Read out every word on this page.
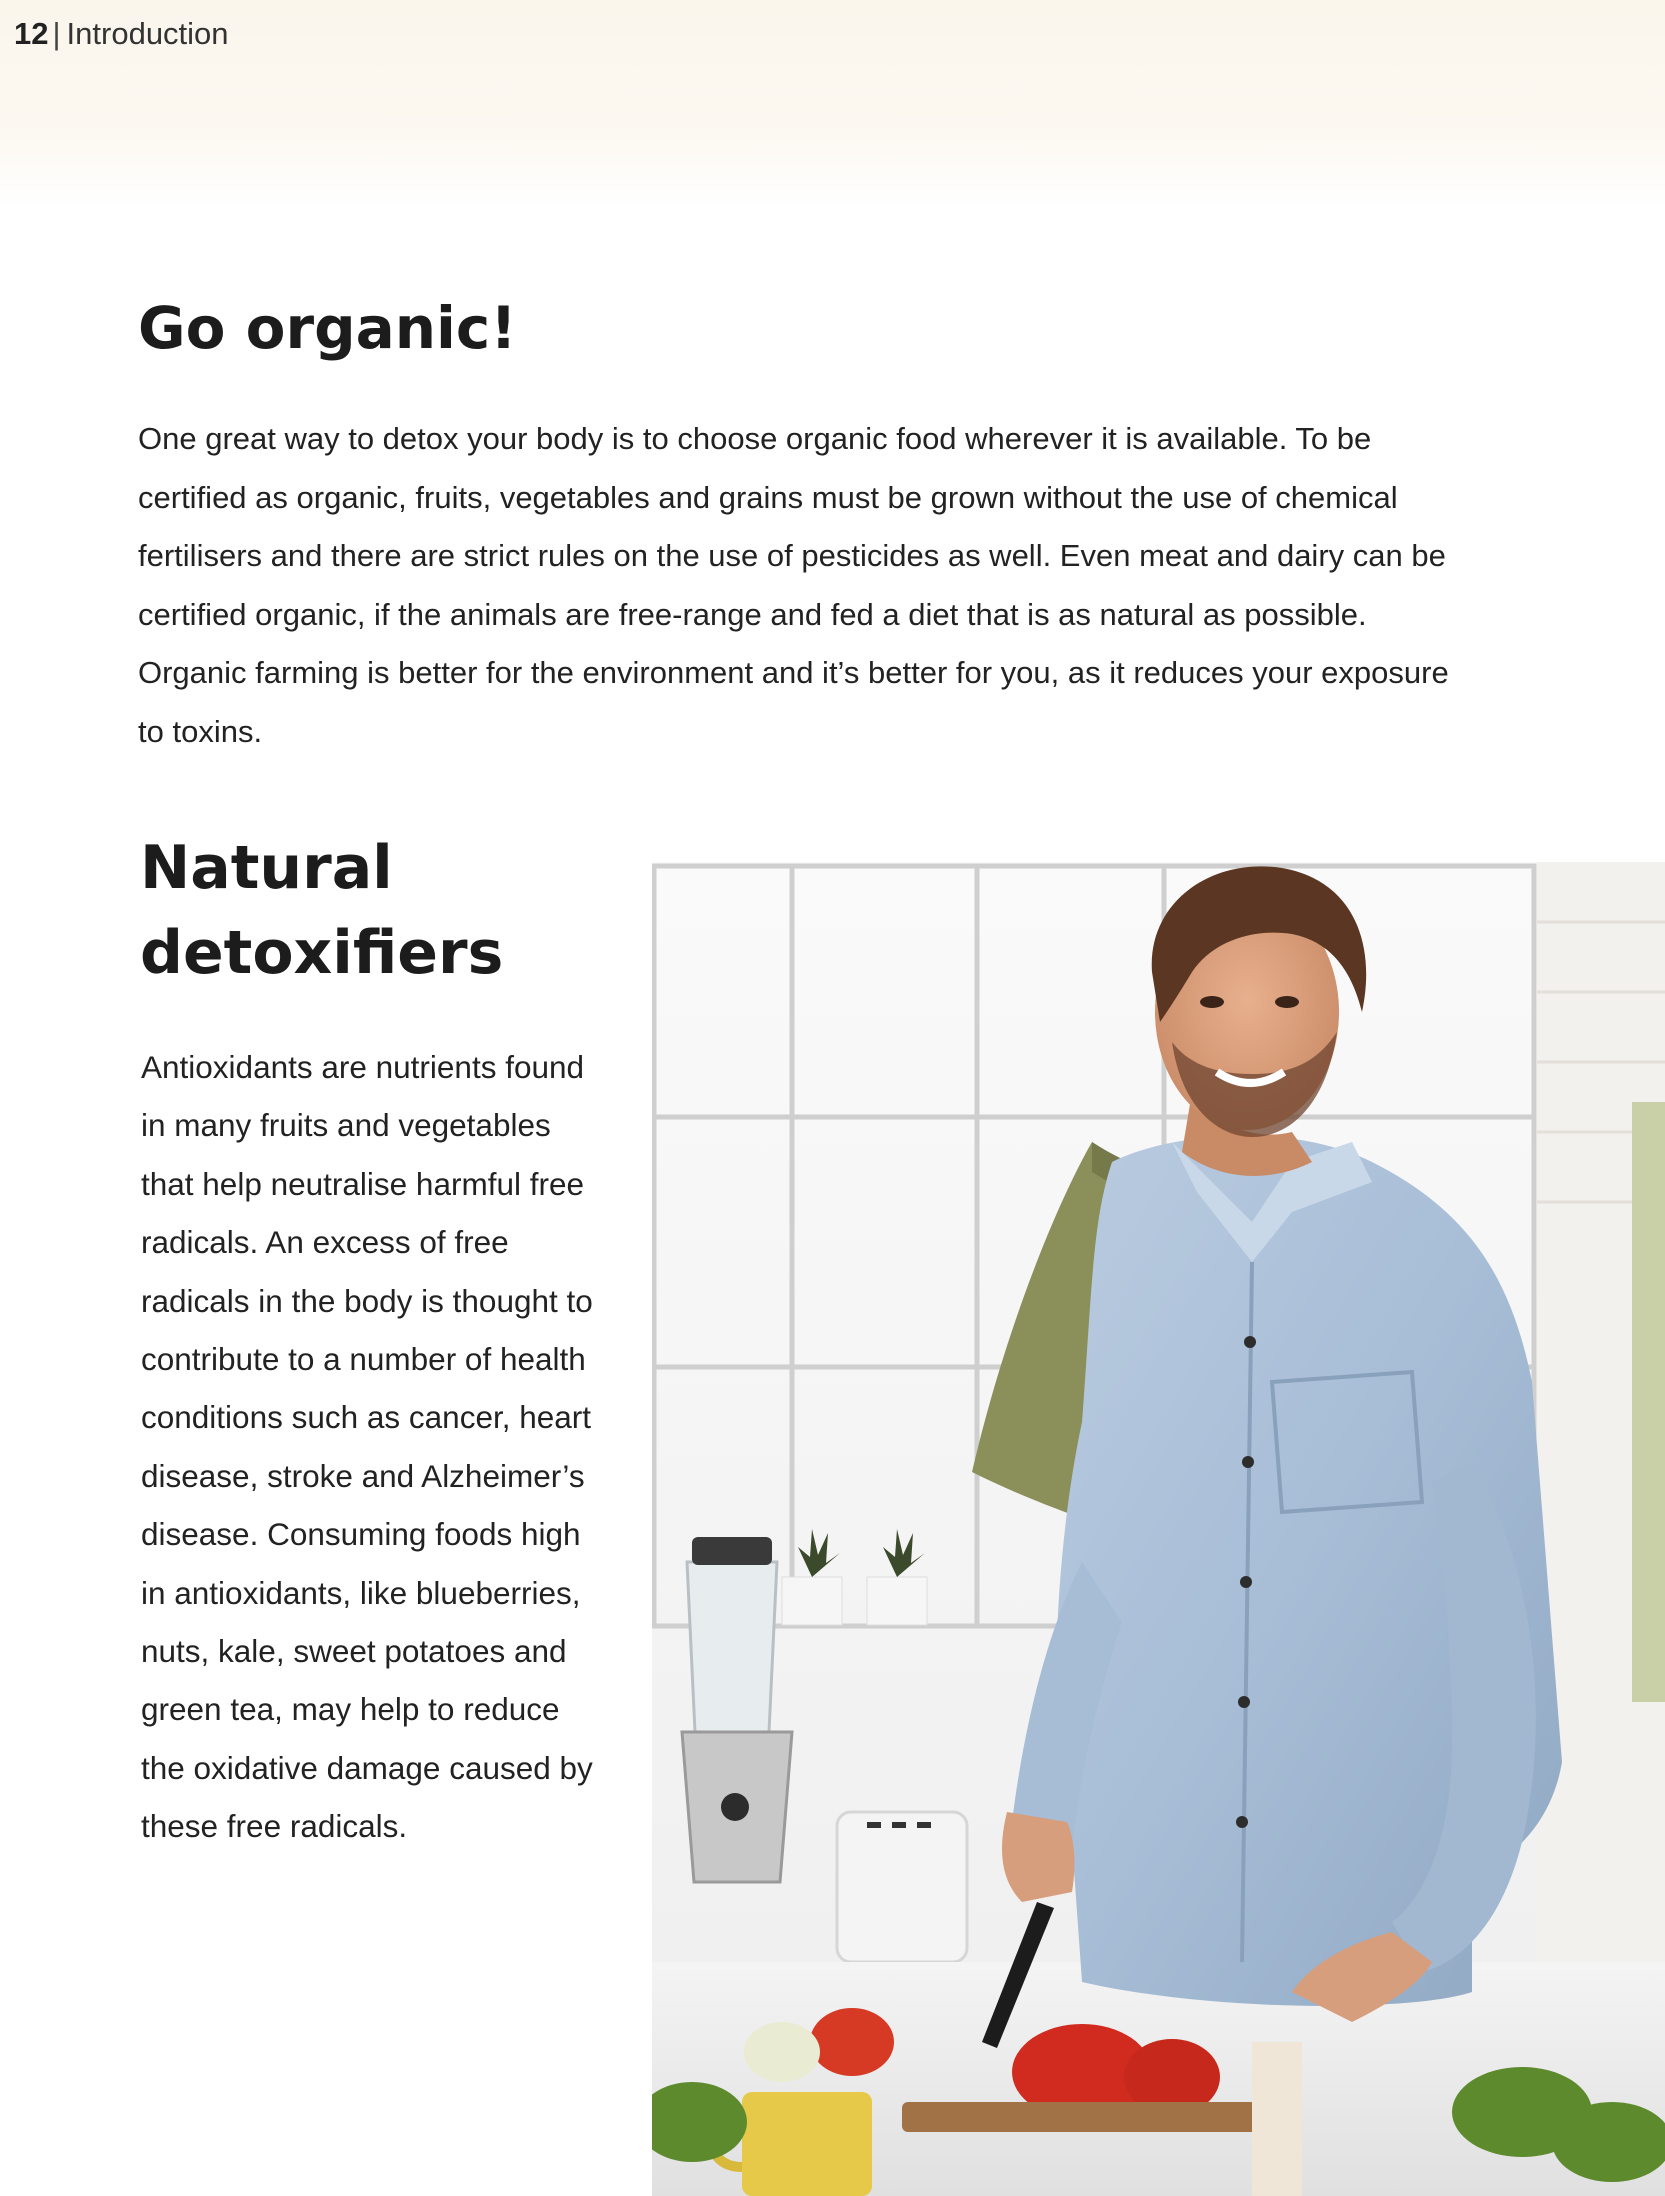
12 | Introduction
Go organic!

One great way to detox your body is to choose organic food wherever it is available. To be certified as organic, fruits, vegetables and grains must be grown without the use of chemical fertilisers and there are strict rules on the use of pesticides as well. Even meat and dairy can be certified organic, if the animals are free-range and fed a diet that is as natural as possible. Organic farming is better for the environment and it’s better for you, as it reduces your exposure to toxins.

Natural detoxifiers

Antioxidants are nutrients found in many fruits and vegetables that help neutralise harmful free radicals. An excess of free radicals in the body is thought to contribute to a number of health conditions such as cancer, heart disease, stroke and Alzheimer’s disease. Consuming foods high in antioxidants, like blueberries, nuts, kale, sweet potatoes and green tea, may help to reduce the oxidative damage caused by these free radicals.
